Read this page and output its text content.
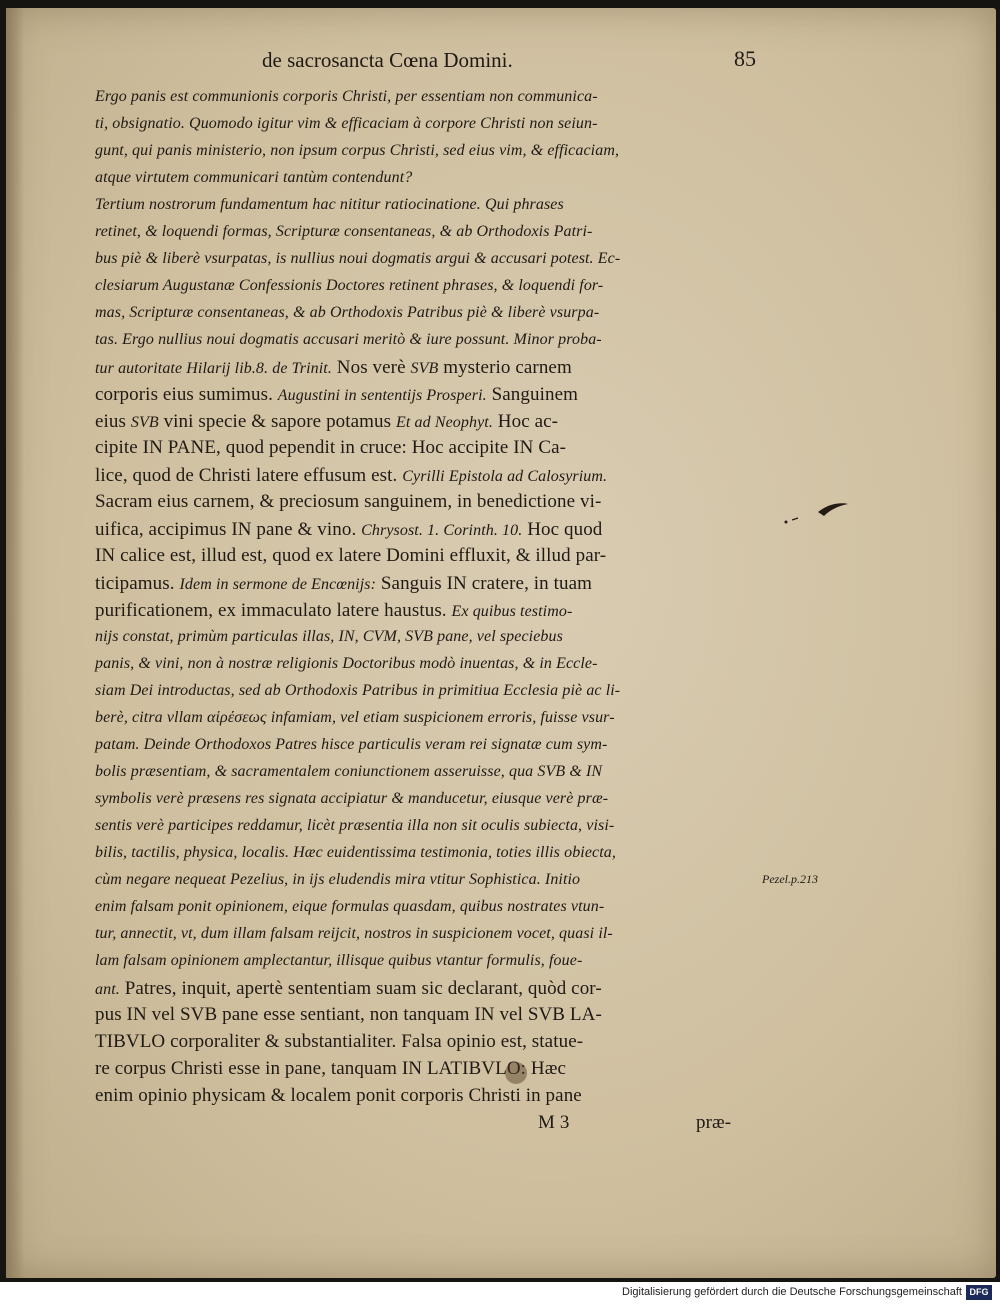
de sacrosancta Cœna Domini.	85
Ergo panis est communionis corporis Christi, per essentiam non communica-
ti, obsignatio. Quomodo igitur vim & efficaciam à corpore Christi non seiun-
gunt, qui panis ministerio, non ipsum corpus Christi, sed eius vim, & efficaciam,
atque virtutem communicari tantùm contendunt?
Tertium nostrorum fundamentum hac nititur ratiocinatione. Qui phrases
retinet, & loquendi formas, Scripturæ consentaneas, & ab Orthodoxis Patri-
bus piè & liberè vsurpatas, is nullius noui dogmatis argui & accusari potest. Ec-
clesiarum Augustanæ Confessionis Doctores retinent phrases, & loquendi for-
mas, Scripturæ consentaneas, & ab Orthodoxis Patribus piè & liberè vsurpa-
tas. Ergo nullius noui dogmatis accusari meritò & iure possunt. Minor proba-
tur autoritate Hilarij lib.8. de Trinit. Nos verè SVB mysterio carnem
corporis eius sumimus. Augustini in sententijs Prosperi. Sanguinem
eius SVB vini specie & sapore potamus Et ad Neophyt. Hoc ac-
cipite IN PANE, quod pependit in cruce: Hoc accipite IN Ca-
lice, quod de Christi latere effusum est. Cyrilli Epistola ad Calosyrium.
Sacram eius carnem, & preciosum sanguinem, in benedictione vi-
uifica, accipimus IN pane & vino. Chrysost. 1. Corinth. 10. Hoc quod
IN calice est, illud est, quod ex latere Domini effluxit, & illud par-
ticipamus. Idem in sermone de Encœnijs: Sanguis IN cratere, in tuam
purificationem, ex immaculato latere haustus. Ex quibus testimo-
nijs constat, primùm particulas illas, IN, CVM, SVB pane, vel speciebus
panis, & vini, non à nostræ religionis Doctoribus modò inuentas, & in Eccle-
siam Dei introductas, sed ab Orthodoxis Patribus in primitiua Ecclesia piè ac li-
berè, citra vllam αἱρέσεως infamiam, vel etiam suspicionem erroris, fuisse vsur-
patam. Deinde Orthodoxos Patres hisce particulis veram rei signatæ cum sym-
bolis præsentiam, & sacramentalem coniunctionem asseruisse, qua SVB & IN
symbolis verè præsens res signata accipiatur & manducetur, eiusque verè præ-
sentis verè participes reddamur, licèt præsentia illa non sit oculis subiecta, visi-
bilis, tactilis, physica, localis. Hæc euidentissima testimonia, toties illis obiecta,
cùm negare nequeat Pezelius, in ijs eludendis mira vtitur Sophistica. Initio
enim falsam ponit opinionem, eique formulas quasdam, quibus nostrates vtun-
tur, annectit, vt, dum illam falsam reijcit, nostros in suspicionem vocet, quasi il-
lam falsam opinionem amplectantur, illisque quibus vtantur formulis, foue-
ant. Patres, inquit, apertè sententiam suam sic declarant, quòd cor-
pus IN vel SVB pane esse sentiant, non tanquam IN vel SVB LA-
TIBVLO corporaliter & substantialiter. Falsa opinio est, statue-
re corpus Christi esse in pane, tanquam IN LATIBVLO: Hæc
enim opinio physicam & localem ponit corporis Christi in pane
Pezel.p.213
M 3	præ-
Digitalisierung gefördert durch die Deutsche Forschungsgemeinschaft DFG
